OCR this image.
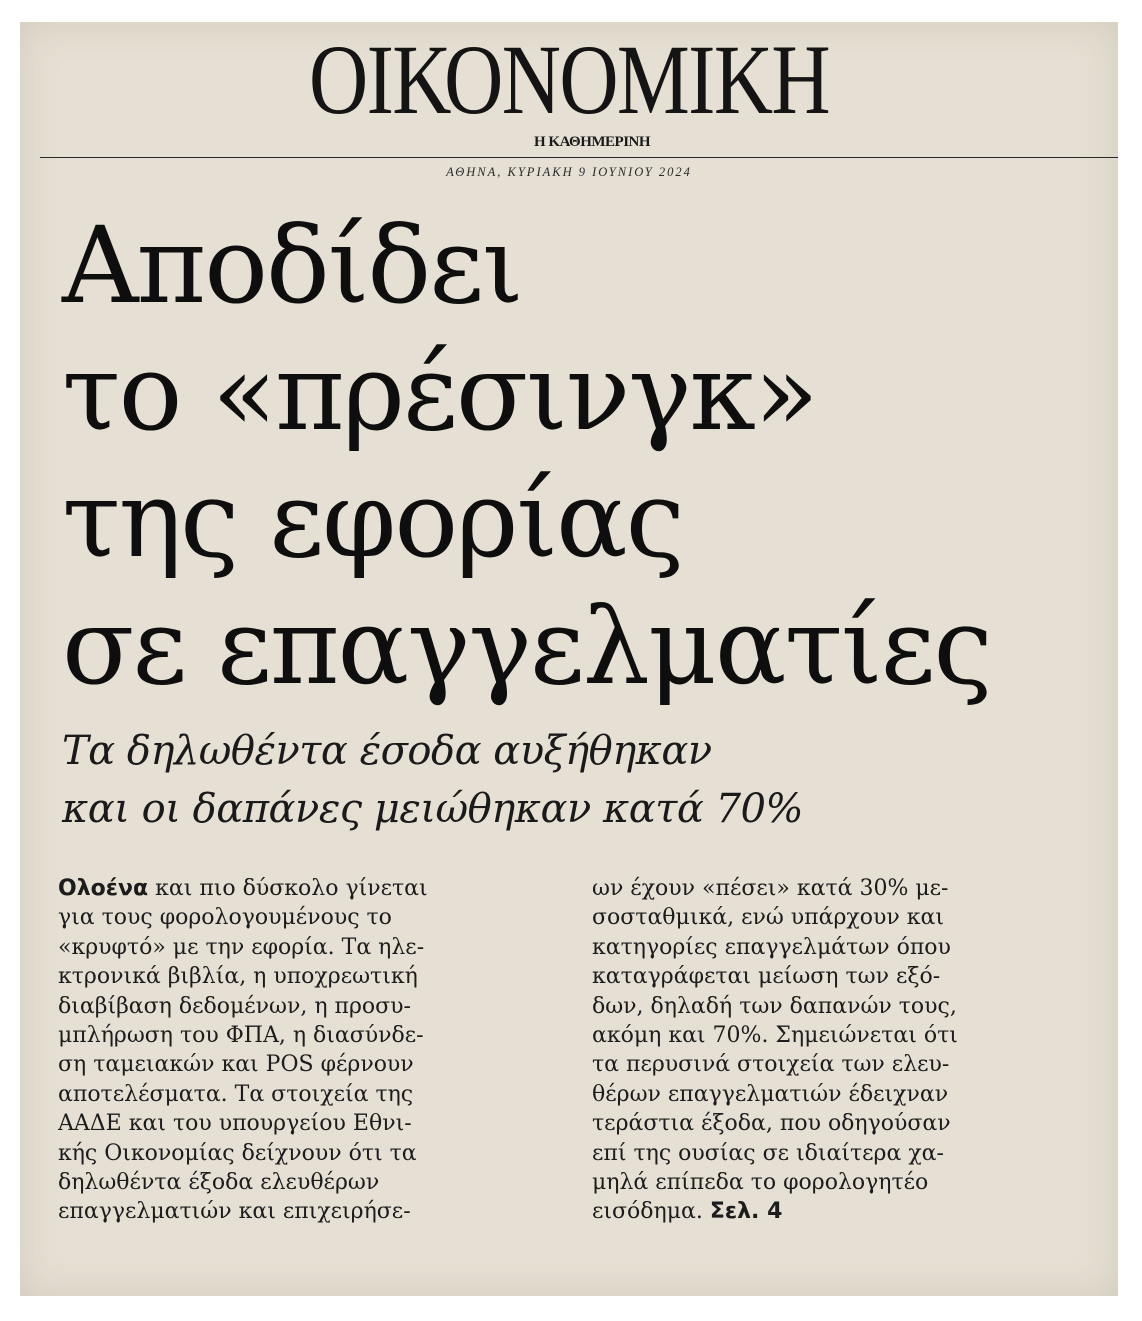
ΟΙΚΟΝΟΜΙΚΗ
Η ΚΑΘΗΜΕΡΙΝΗ
ΑΘΗΝΑ, ΚΥΡΙΑΚΗ 9 ΙΟΥΝΙΟΥ 2024
Αποδίδει
το «πρέσινγκ»
της εφορίας
σε επαγγελματίες
Τα δηλωθέντα έσοδα αυξήθηκαν
και οι δαπάνες μειώθηκαν κατά 70%
Ολοένα και πιο δύσκολο γίνεται
για τους φορολογουμένους το
«κρυφτό» με την εφορία. Τα ηλε-
κτρονικά βιβλία, η υποχρεωτική
διαβίβαση δεδομένων, η προσυ-
μπλήρωση του ΦΠΑ, η διασύνδε-
ση ταμειακών και POS φέρνουν
αποτελέσματα. Τα στοιχεία της
ΑΑΔΕ και του υπουργείου Εθνι-
κής Οικονομίας δείχνουν ότι τα
δηλωθέντα έξοδα ελευθέρων
επαγγελματιών και επιχειρήσε-
ων έχουν «πέσει» κατά 30% με-
σοσταθμικά, ενώ υπάρχουν και
κατηγορίες επαγγελμάτων όπου
καταγράφεται μείωση των εξό-
δων, δηλαδή των δαπανών τους,
ακόμη και 70%. Σημειώνεται ότι
τα περυσινά στοιχεία των ελευ-
θέρων επαγγελματιών έδειχναν
τεράστια έξοδα, που οδηγούσαν
επί της ουσίας σε ιδιαίτερα χα-
μηλά επίπεδα το φορολογητέο
εισόδημα. Σελ. 4
